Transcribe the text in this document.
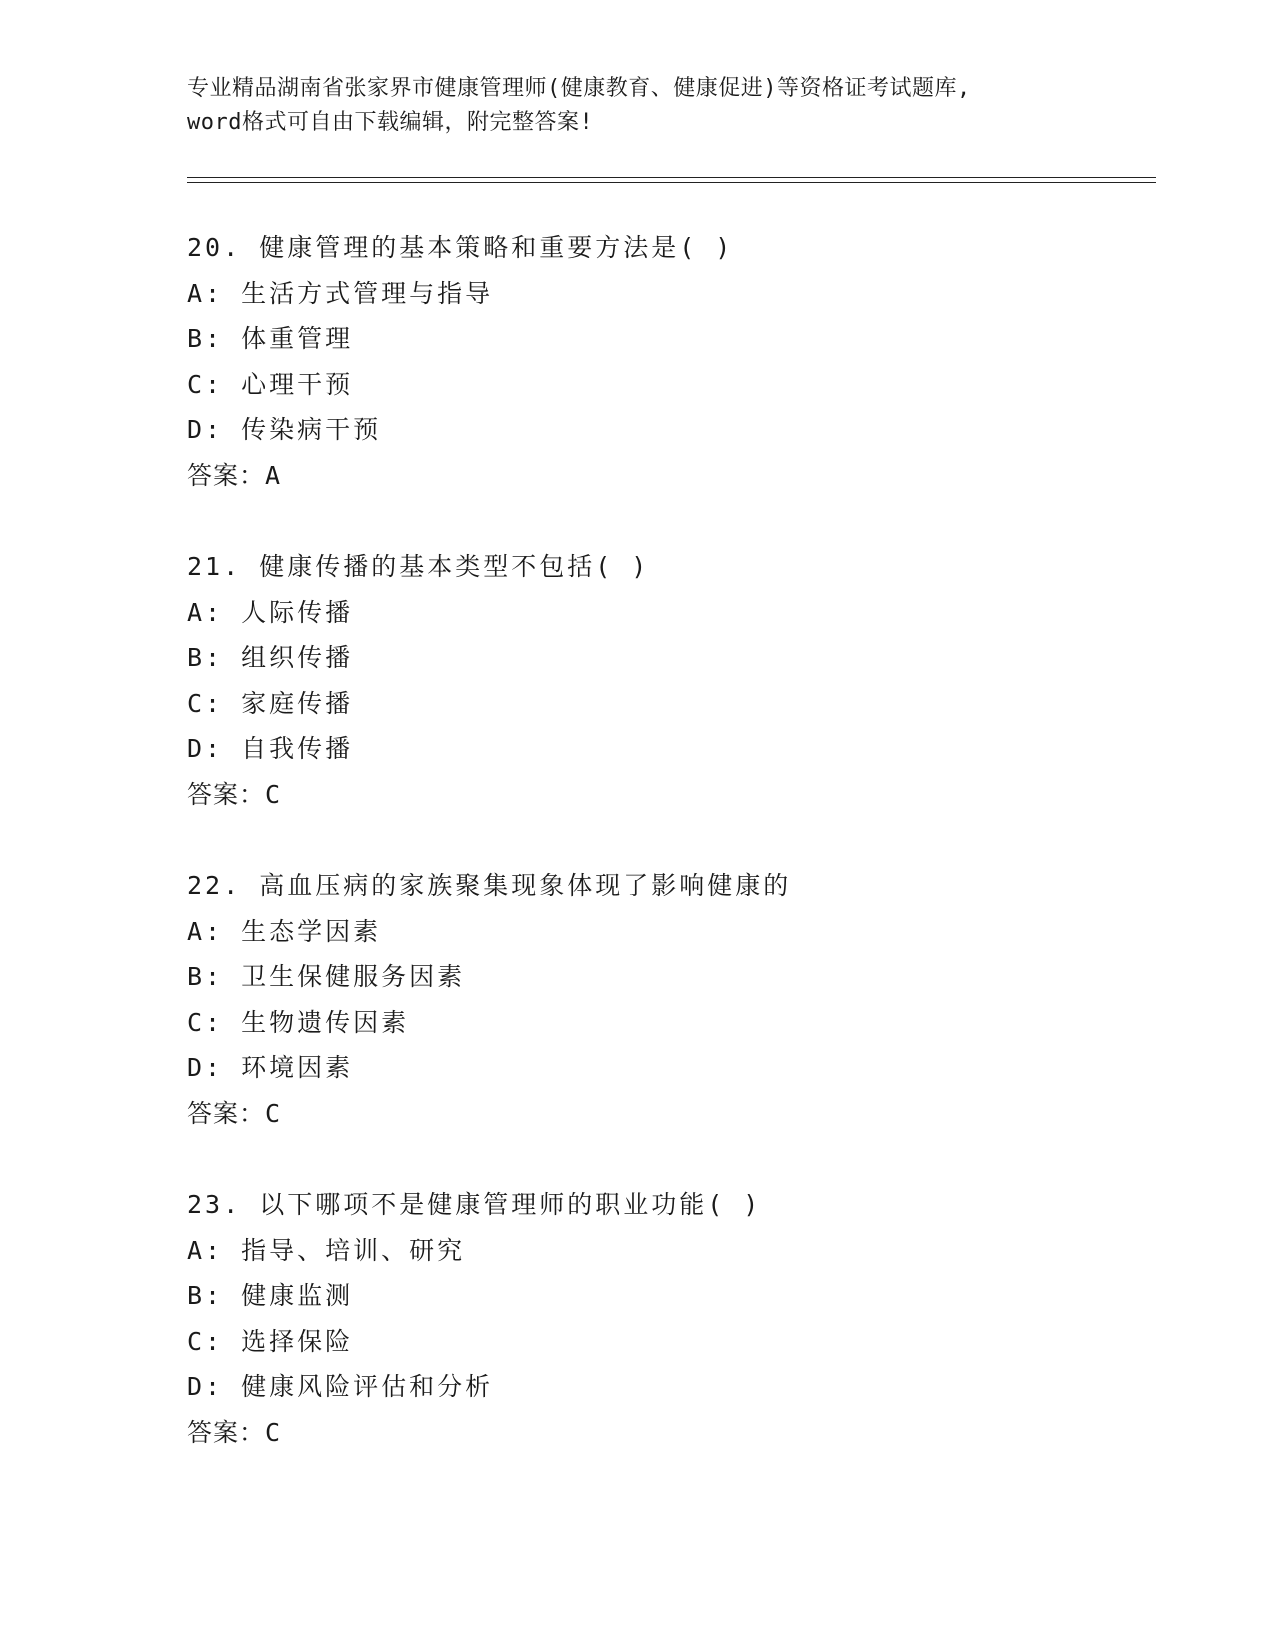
专业精品湖南省张家界市健康管理师(健康教育、健康促进)等资格证考试题库,
word格式可自由下载编辑，附完整答案!
20. 健康管理的基本策略和重要方法是( )
A: 生活方式管理与指导
B: 体重管理
C: 心理干预
D: 传染病干预
答案：A
21. 健康传播的基本类型不包括( )
A: 人际传播
B: 组织传播
C: 家庭传播
D: 自我传播
答案：C
22. 高血压病的家族聚集现象体现了影响健康的
A: 生态学因素
B: 卫生保健服务因素
C: 生物遗传因素
D: 环境因素
答案：C
23. 以下哪项不是健康管理师的职业功能( )
A: 指导、培训、研究
B: 健康监测
C: 选择保险
D: 健康风险评估和分析
答案：C
